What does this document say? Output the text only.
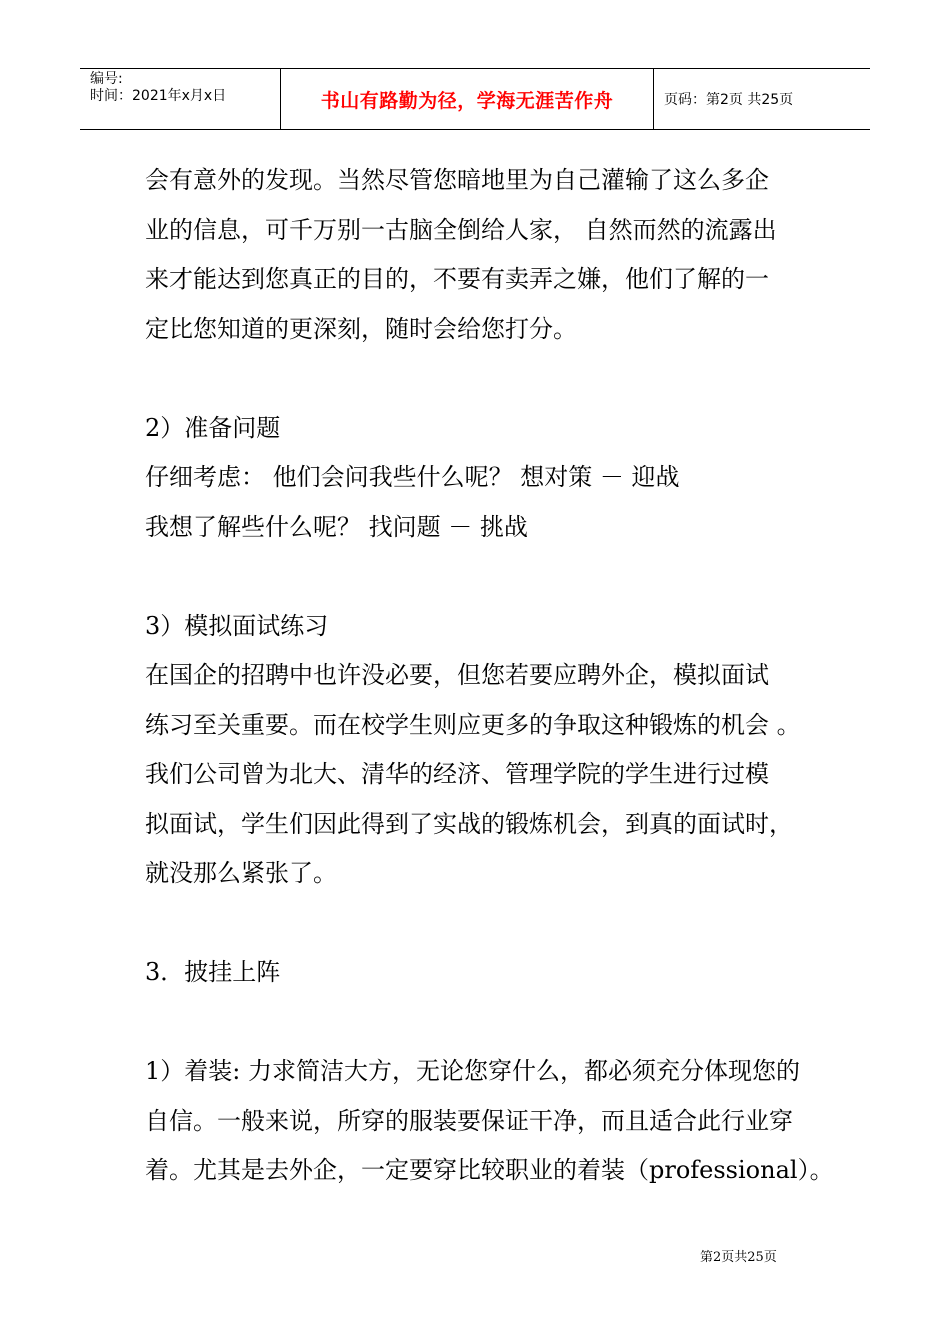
编号:
时间：2021年x月x日	书山有路勤为径，学海无涯苦作舟	页码：第2页 共25页
会有意外的发现。当然尽管您暗地里为自己灌输了这么多企
业的信息，可千万别一古脑全倒给人家， 自然而然的流露出
来才能达到您真正的目的，不要有卖弄之嫌，他们了解的一
定比您知道的更深刻，随时会给您打分。
2）准备问题
仔细考虑： 他们会问我些什么呢？ 想对策 － 迎战
我想了解些什么呢？ 找问题 － 挑战
3）模拟面试练习
在国企的招聘中也许没必要，但您若要应聘外企，模拟面试
练习至关重要。而在校学生则应更多的争取这种锻炼的机会 。
我们公司曾为北大、清华的经济、管理学院的学生进行过模
拟面试，学生们因此得到了实战的锻炼机会，到真的面试时，
就没那么紧张了。
3．披挂上阵
1）着装: 力求简洁大方，无论您穿什么，都必须充分体现您的
自信。一般来说，所穿的服装要保证干净，而且适合此行业穿
着。尤其是去外企，一定要穿比较职业的着装（professional）。
第2页共25页
